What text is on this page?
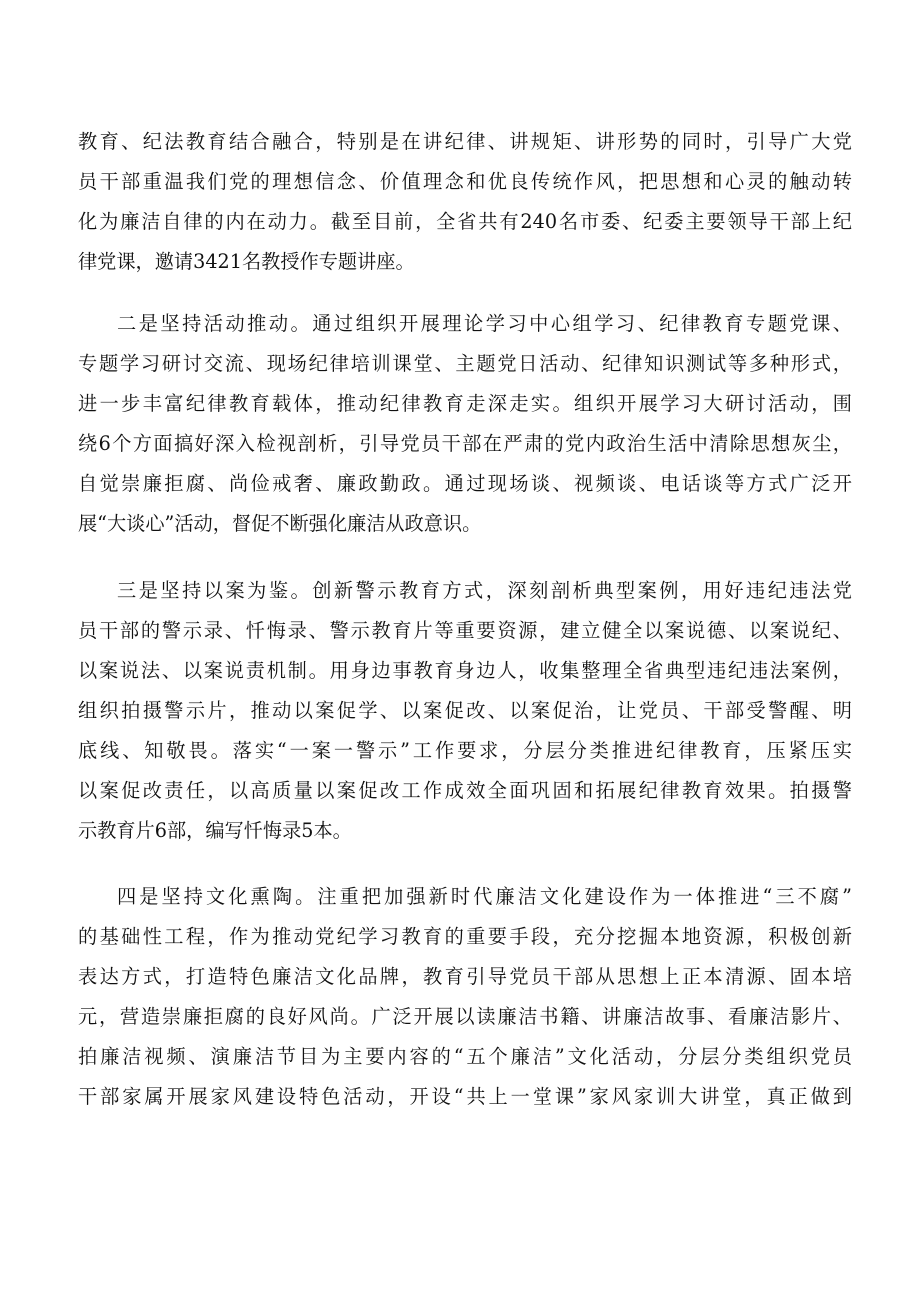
教育、纪法教育结合融合，特别是在讲纪律、讲规矩、讲形势的同时，引导广大党
员干部重温我们党的理想信念、价值理念和优良传统作风，把思想和心灵的触动转
化为廉洁自律的内在动力。截至目前，全省共有240名市委、纪委主要领导干部上纪
律党课，邀请3421名教授作专题讲座。
二是坚持活动推动。通过组织开展理论学习中心组学习、纪律教育专题党课、
专题学习研讨交流、现场纪律培训课堂、主题党日活动、纪律知识测试等多种形式，
进一步丰富纪律教育载体，推动纪律教育走深走实。组织开展学习大研讨活动，围
绕6个方面搞好深入检视剖析，引导党员干部在严肃的党内政治生活中清除思想灰尘，
自觉崇廉拒腐、尚俭戒奢、廉政勤政。通过现场谈、视频谈、电话谈等方式广泛开
展“大谈心”活动，督促不断强化廉洁从政意识。
三是坚持以案为鉴。创新警示教育方式，深刻剖析典型案例，用好违纪违法党
员干部的警示录、忏悔录、警示教育片等重要资源，建立健全以案说德、以案说纪、
以案说法、以案说责机制。用身边事教育身边人，收集整理全省典型违纪违法案例，
组织拍摄警示片，推动以案促学、以案促改、以案促治，让党员、干部受警醒、明
底线、知敬畏。落实“一案一警示”工作要求，分层分类推进纪律教育，压紧压实
以案促改责任，以高质量以案促改工作成效全面巩固和拓展纪律教育效果。拍摄警
示教育片6部，编写忏悔录5本。
四是坚持文化熏陶。注重把加强新时代廉洁文化建设作为一体推进“三不腐”
的基础性工程，作为推动党纪学习教育的重要手段，充分挖掘本地资源，积极创新
表达方式，打造特色廉洁文化品牌，教育引导党员干部从思想上正本清源、固本培
元，营造崇廉拒腐的良好风尚。广泛开展以读廉洁书籍、讲廉洁故事、看廉洁影片、
拍廉洁视频、演廉洁节目为主要内容的“五个廉洁”文化活动，分层分类组织党员
干部家属开展家风建设特色活动，开设“共上一堂课”家风家训大讲堂，真正做到
